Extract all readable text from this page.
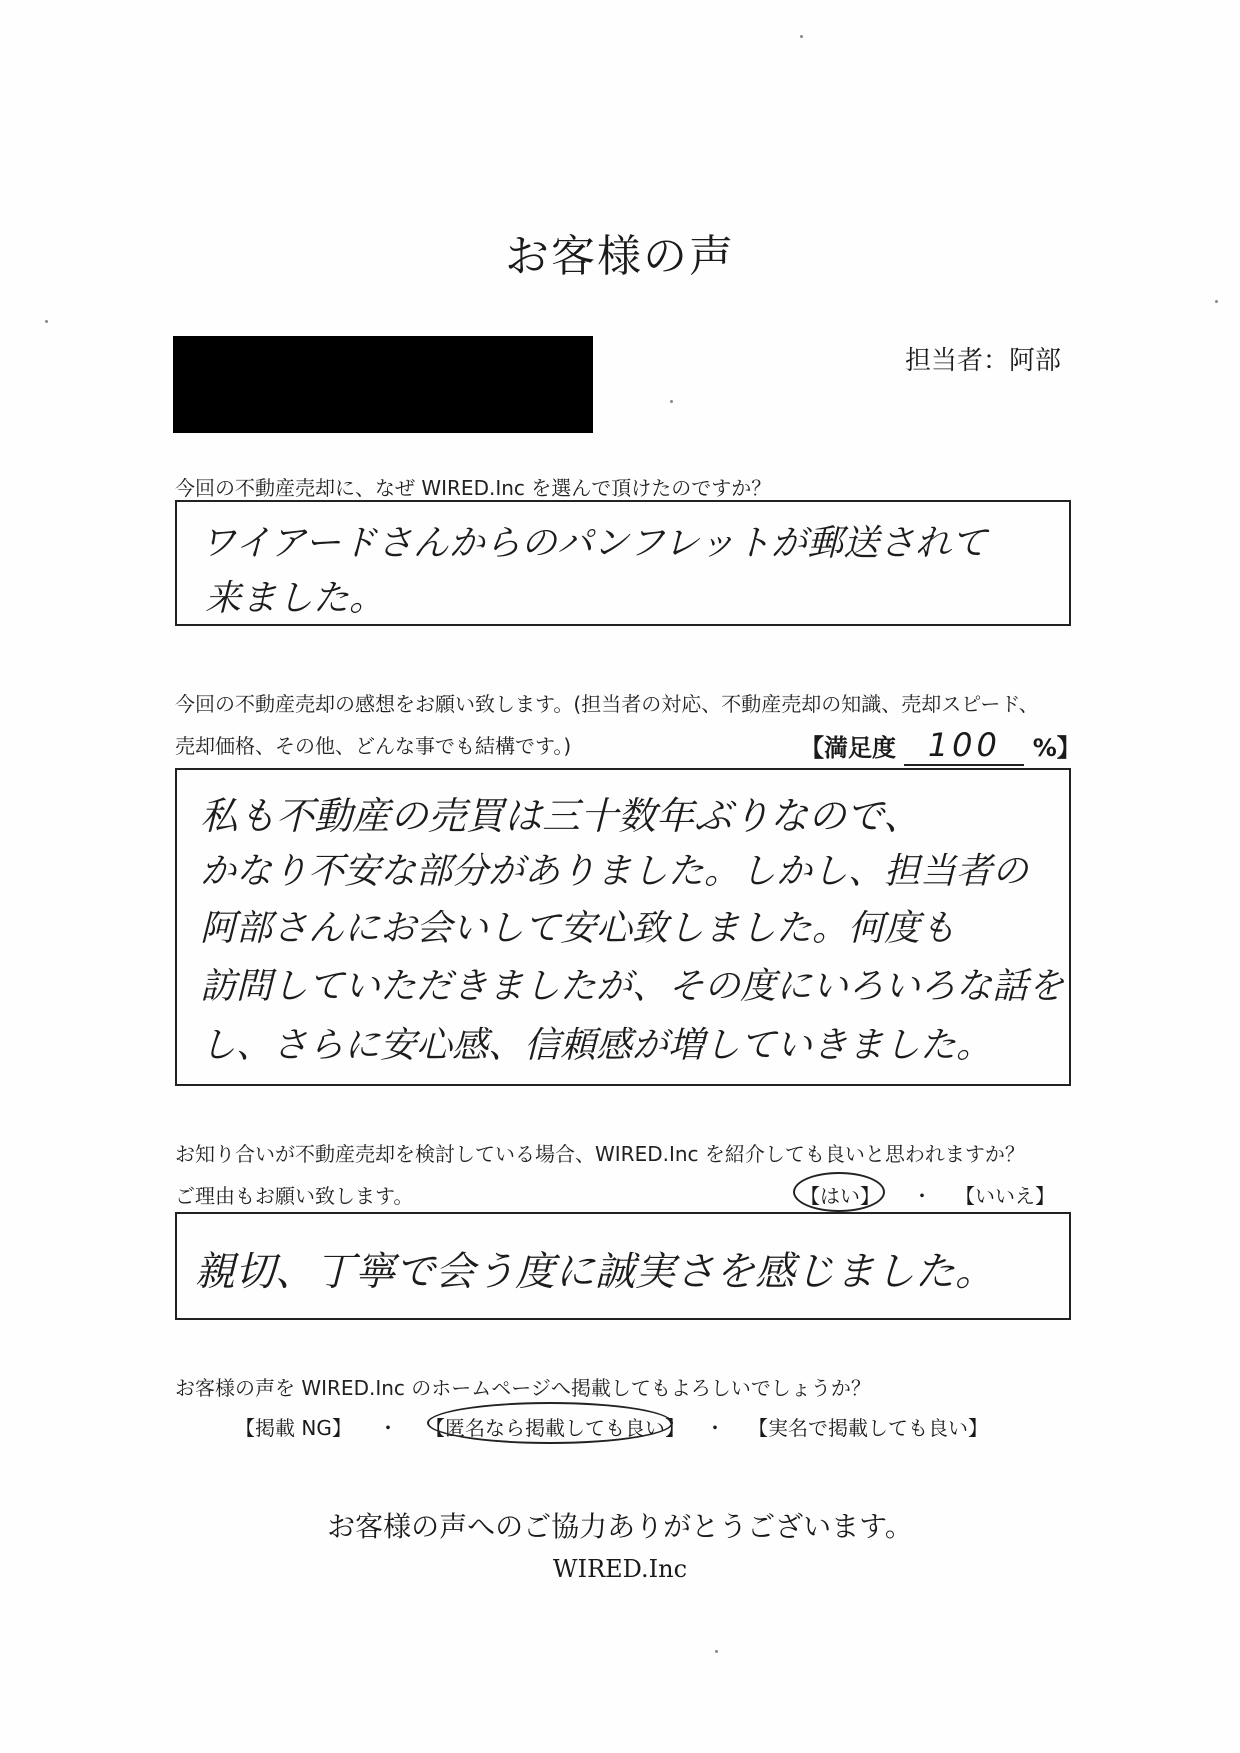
お客様の声
担当者：阿部
今回の不動産売却に、なぜ WIRED.Inc を選んで頂けたのですか？
ワイアードさんからのパンフレットが郵送されて
来ました。
今回の不動産売却の感想をお願い致します。(担当者の対応、不動産売却の知識、売却スピード、
売却価格、その他、どんな事でも結構です。)	【満足度 100 %】
私も不動産の売買は三十数年ぶりなので、
かなり不安な部分がありました。しかし、担当者の
阿部さんにお会いして安心致しました。何度も
訪問していただきましたが、その度にいろいろな話を
し、さらに安心感、信頼感が増していきました。
お知り合いが不動産売却を検討している場合、WIRED.Inc を紹介しても良いと思われますか？
ご理由もお願い致します。	【はい】 ・ 【いいえ】
親切、丁寧で会う度に誠実さを感じました。
お客様の声を WIRED.Inc のホームページへ掲載してもよろしいでしょうか？
【掲載 NG】 ・ 【匿名なら掲載しても良い】 ・ 【実名で掲載しても良い】
お客様の声へのご協力ありがとうございます。
WIRED.Inc
